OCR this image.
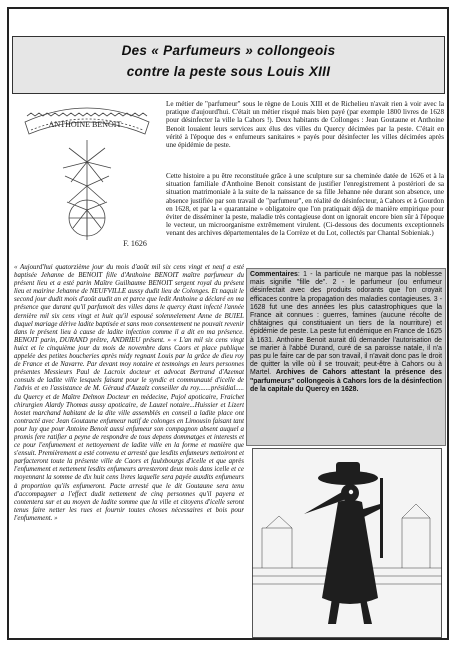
Des « Parfumeurs » collongeois
contre la peste sous Louis XIII
ANTHOINE BENOIT
F. 1626
Le métier de "parfumeur" sous le règne de Louis XIII et de Richelieu n'avait rien à voir avec la pratique d'aujourd'hui. C'était un métier risqué mais bien payé (par exemple 1800 livres de 1628 pour désinfecter la ville la Cahors !). Deux habitants de Collonges : Jean Goutaune et Anthoine Benoit louaient leurs services aux élus des villes du Quercy décimées par la peste. C'était en vérité à l'époque des « enfumeurs sanitaires » payés pour désinfecter les villes décimées après une épidémie de peste.
Cette histoire a pu être reconstituée grâce à une sculpture sur sa cheminée datée de 1626 et à la situation familiale d'Anthoine Benoit consistant de justifier l'enregistrement à postériori de sa situation matrimoniale à la suite de la naissance de sa fille Jehanne née durant son absence, une absence justifiée par son travail de "parfumeur", en réalité de désinfecteur, à Cahors et à Gourdon en 1628, et par la « quarantaine » obligatoire que l'on pratiquait déjà de manière empirique pour éviter de disséminer la peste, maladie très contagieuse dont on ignorait encore bien sûr à l'époque le vecteur, un microorganisme extrêmement virulent. (Ci-dessous des documents exceptionnels venant des archives départementales de la Corrèze et du Lot, collectés par Chantal Sobieniak.)
« Aujourd'hui quatorzième jour du mois d'août mil six cens vingt et neuf a esté baptisée Jehanne de BENOIT fille d'Anthoine BENOIT maître parfumeur du présent lieu et a esté parin Maître Guilhaume BENOIT sergent royal du présent lieu et mairine Jehanne de NEUFVILLE aussy dudit lieu de Colonges. Et naquit le second jour dudit mois d'août audit an et parce que ledit Anthoine a déclaré en ma présence que durant qu'il parfumoit des villes dans le quercy étant infecté l'année dernière mil six cens vingt et huit qu'il espousé solennelement Anne de BUIEL duquel mariage dérive ladite baptisée et sans mon consentement ne pouvait revenir dans le présent lieu à cause de ladite infection comme il a dit en ma présence. BENOIT parin, DURAND prêtre, ANDRIEU présent. » « L'an mil six cens vingt huict et le cinquième jour du mois de novembre dans Caors et place publique appelée des petites boucheries après midy regnant Louis par la grâce de dieu roy de France et de Navarre. Par devant moy notaire et tesmoings en leurs personnes présentes Messieurs Paul de Lacroix docteur et advocat Bertrand d'Azemat consuls de ladite ville lesquels faisant pour le syndic et communauté d'icelle de l'advis et en l'assistance de M. Géraud d'Auzalz conseiller du roy.......présidial..... du Quercy et de Maître Delmon Docteur en médecine, Pujol apoticaire, Fraichet chirurgien Alardy Thomas aussy apoticaire, de Lauzel notaire...Huissier et Lizert hostet marchand habitant de la dite ville assemblés en conseil a ladite place ont contracté avec Jean Goutaune enfumeur natif de colonges en Limousin faisant tant pour luy que pour Antoine Benoit aussi enfumeur son compagnon absent auquel a promis fere ratifier a peyne de respondre de tous depens dommatges et interests et ce pour l'enfumement et nettoyement de ladite ville en la forme et manière que s'ensuit. Premièrement a esté convenu et arresté que lesdits enfumeurs nettoiront et parfacteront toute la présente ville de Caors et faulxbourgs d'icelle et que après l'enfumement et nettement lesdits enfumeurs arresteront deux mois dans icelle et ce moyennant la somme de dix huit cens livres laquelle sera payée auxdits enfumeurs à proportion qu'ils enfumeront. Pacte arresté que le dit Goutaune sera tenu d'accompagner a l'effect dudit nettement de cinq personnes qu'il payera et contentera sur et au moyen de ladite somme que la ville et citoyens d'icelle seront tenus faire netter les rues et fournir toutes choses nécessaires et bois pour l'enfumement. »
Commentaires: 1 - la particule ne marque pas la noblesse mais signifie "fille de". 2 - le parfumeur (ou enfumeur désinfectait avec des produits odorants que l'on croyait efficaces contre la propagation des maladies contagieuses. 3 - 1628 fut une des années les plus catastrophiques que la France ait connues : guerres, famines (aucune récolte de châtaignes qui constituaient un tiers de la nourriture) et épidémie de peste. La peste fut endémique en France de 1625 à 1631. Anthoine Benoit aurait dû demander l'autorisation de se marier à l'abbé Durand, curé de sa paroisse natale, il n'a pas pu le faire car de par son travail, il n'avait donc pas le droit de quitter la ville où il se trouvait; peut-être à Cahors ou à Martel. Archives de Cahors attestant la présence des "parfumeurs" collongeois à Cahors lors de la désinfection de la capitale du Quercy en 1628.
